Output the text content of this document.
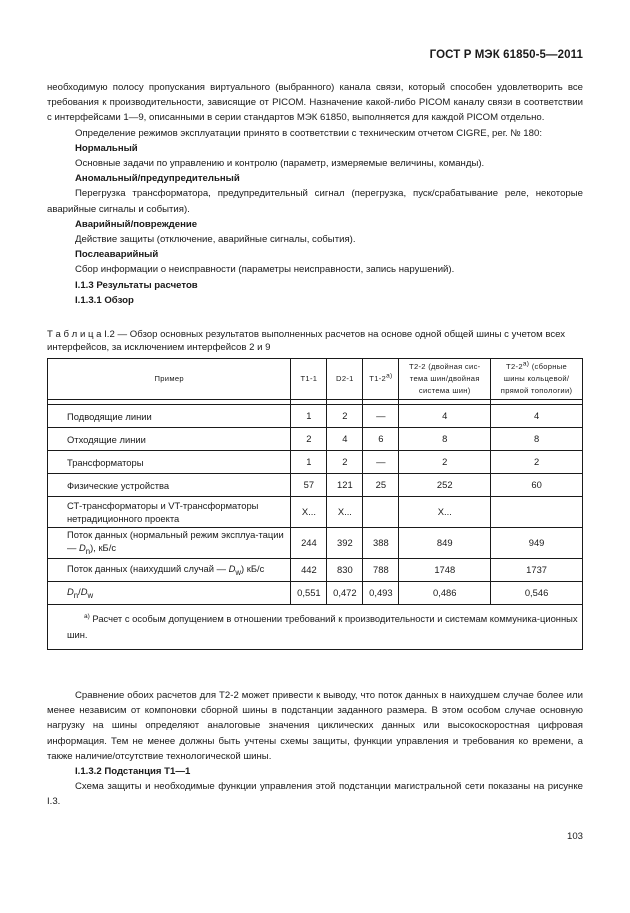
ГОСТ Р МЭК 61850-5—2011

необходимую полосу пропускания виртуального (выбранного) канала связи, который способен удовлетворить все требования к производительности, зависящие от PICOM. Назначение какой-либо PICOM каналу связи в соответствии с интерфейсами 1—9, описанными в серии стандартов МЭК 61850, выполняется для каждой PICOM отдельно.

Определение режимов эксплуатации принято в соответствии с техническим отчетом CIGRE, рег. № 180:

Нормальный

Основные задачи по управлению и контролю (параметр, измеряемые величины, команды).

Аномальный/предупредительный

Перегрузка трансформатора, предупредительный сигнал (перегрузка, пуск/срабатывание реле, некоторые аварийные сигналы и события).

Аварийный/повреждение

Действие защиты (отключение, аварийные сигналы, события).

Послеаварийный

Сбор информации о неисправности (параметры неисправности, запись нарушений).

I.1.3 Результаты расчетов

I.1.3.1 Обзор

Т а б л и ц а I.2 — Обзор основных результатов выполненных расчетов на основе одной общей шины с учетом всех
интерфейсов, за исключением интерфейсов 2 и 9
Пример	Т1-1	D2-1	$Т1-2^{а)}$	Т2-2 (двойная сис-тема шин/двойная система шин)	$Т2-2^{а)}$ (сборные шины кольцевой/ прямой топологии)

Подводящие линии	1	2	—	4	4
Отходящие линии	2	4	6	8	8
Трансформаторы	1	2	—	2	2
Физические устройства	57	121	25	252	60
СТ-трансформаторы и VT-трансформаторы нетрадиционного проекта	X...	X...		X...	
Поток данных (нормальный режим эксплуа-тации — $D_n$), кБ/с	244	392	388	849	949
Поток данных (наихудший случай — $D_w$) кБ/с	442	830	788	1748	1737
$D_n/D_w$	0,551	0,472	0,493	0,486	0,546
$^{а)}$ Расчет с особым допущением в отношении требований к производительности и системам коммуника-ционных шин.					

Сравнение обоих расчетов для Т2-2 может привести к выводу, что поток данных в наихудшем случае более или менее независим от компоновки сборной шины в подстанции заданного размера. В этом особом случае основную нагрузку на шины определяют аналоговые значения циклических данных или высокоскоростная цифровая информация. Тем не менее должны быть учтены схемы защиты, функции управления и требования ко времени, а также наличие/отсутствие технологической шины.

I.1.3.2 Подстанция Т1—1

Схема защиты и необходимые функции управления этой подстанции магистральной сети показаны на рисунке I.3.

103
